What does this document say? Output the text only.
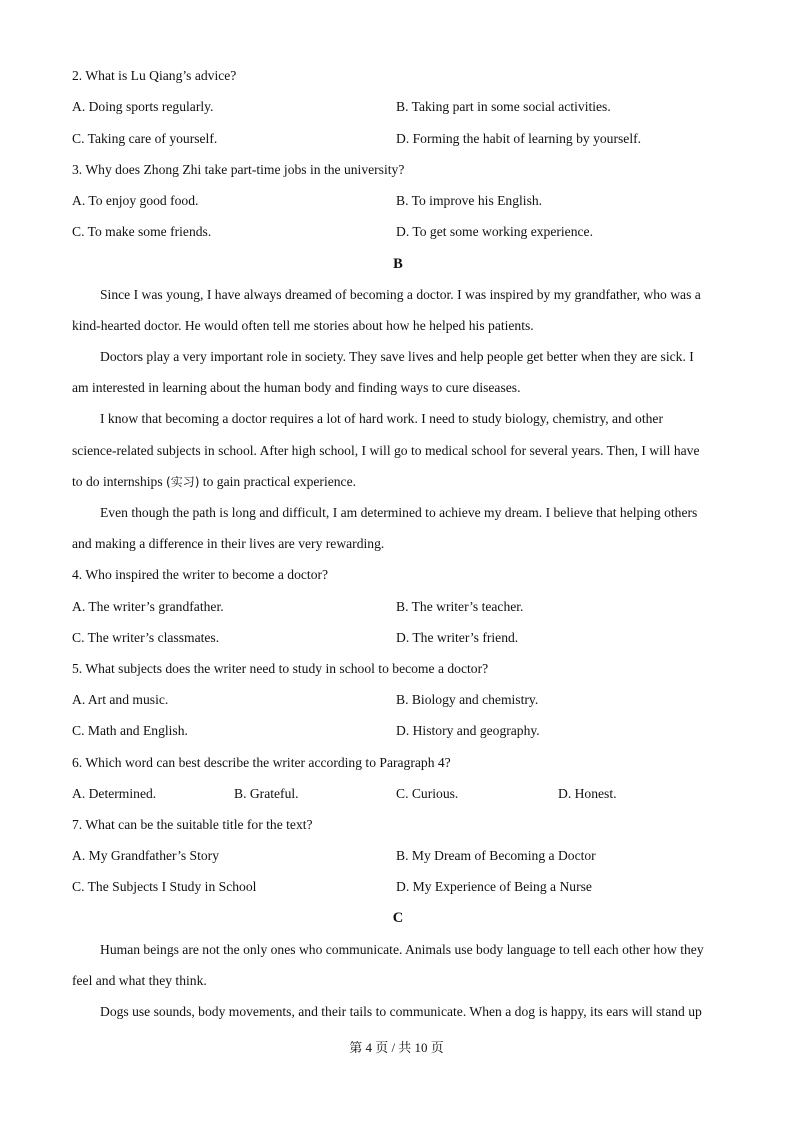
2. What is Lu Qiang’s advice?
A. Doing sports regularly.	B. Taking part in some social activities.
C. Taking care of yourself.	D. Forming the habit of learning by yourself.
3. Why does Zhong Zhi take part-time jobs in the university?
A. To enjoy good food.	B. To improve his English.
C. To make some friends.	D. To get some working experience.
B
Since I was young, I have always dreamed of becoming a doctor. I was inspired by my grandfather, who was a
kind-hearted doctor. He would often tell me stories about how he helped his patients.
Doctors play a very important role in society. They save lives and help people get better when they are sick. I
am interested in learning about the human body and finding ways to cure diseases.
I know that becoming a doctor requires a lot of hard work. I need to study biology, chemistry, and other
science-related subjects in school. After high school, I will go to medical school for several years. Then, I will have
to do internships (实习) to gain practical experience.
Even though the path is long and difficult, I am determined to achieve my dream. I believe that helping others
and making a difference in their lives are very rewarding.
4. Who inspired the writer to become a doctor?
A. The writer’s grandfather.	B. The writer’s teacher.
C. The writer’s classmates.	D. The writer’s friend.
5. What subjects does the writer need to study in school to become a doctor?
A. Art and music.	B. Biology and chemistry.
C. Math and English.	D. History and geography.
6. Which word can best describe the writer according to Paragraph 4?
A. Determined.	B. Grateful.	C. Curious.	D. Honest.
7. What can be the suitable title for the text?
A. My Grandfather’s Story	B. My Dream of Becoming a Doctor
C. The Subjects I Study in School	D. My Experience of Being a Nurse
C
Human beings are not the only ones who communicate. Animals use body language to tell each other how they
feel and what they think.
Dogs use sounds, body movements, and their tails to communicate. When a dog is happy, its ears will stand up
第 4 页 / 共 10 页
